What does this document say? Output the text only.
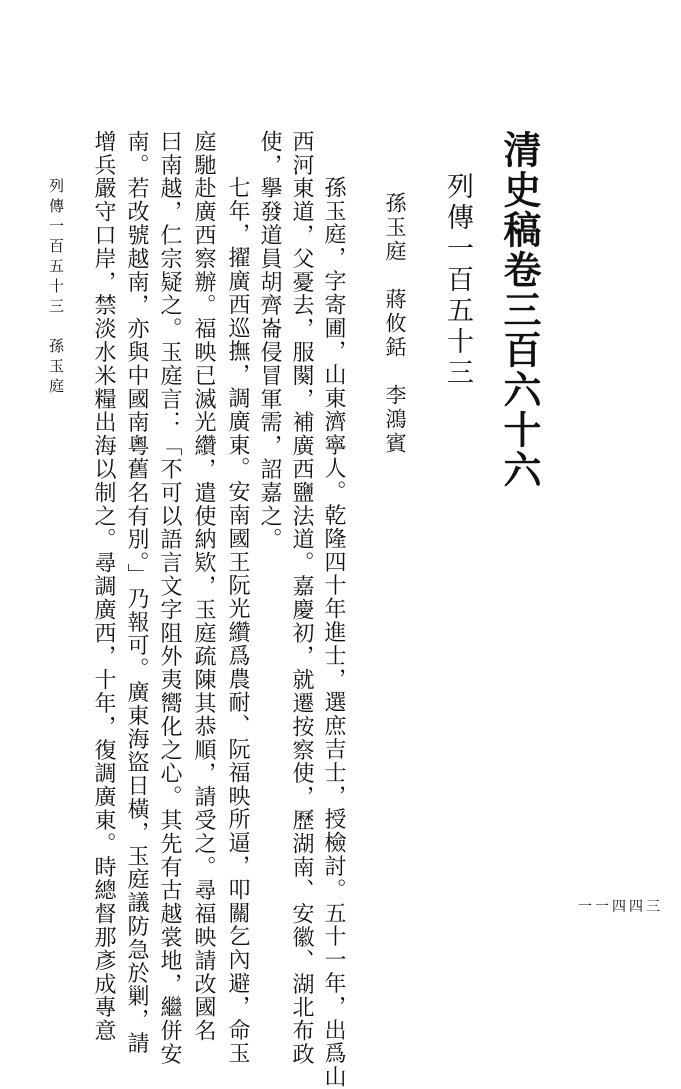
清史稿卷三百六十六
列傳一百五十三
孫玉庭　蔣攸銛　李鴻賓
孫玉庭，字寄圃，山東濟寧人。乾隆四十年進士，選庶吉士，授檢討。五十一年，出爲山
西河東道，父憂去，服闋，補廣西鹽法道。嘉慶初，就遷按察使，歷湖南、安徽、湖北布政
使，擧發道員胡齊崙侵冒軍需，詔嘉之。
七年，擢廣西巡撫，調廣東。安南國王阮光纘爲農耐、阮福映所逼，叩關乞內避，命玉
庭馳赴廣西察辦。福映已滅光纘，遣使納欵，玉庭疏陳其恭順，請受之。尋福映請改國名
曰南越，仁宗疑之。玉庭言：「不可以語言文字阻外夷嚮化之心。其先有古越裳地，繼併安
南。若改號越南，亦與中國南粵舊名有別。」乃報可。廣東海盜日橫，玉庭議防急於剿，請
增兵嚴守口岸，禁淡水米糧出海以制之。尋調廣西，十年，復調廣東。時總督那彥成專意
列傳一百五十三　孫玉庭
一一四四三
